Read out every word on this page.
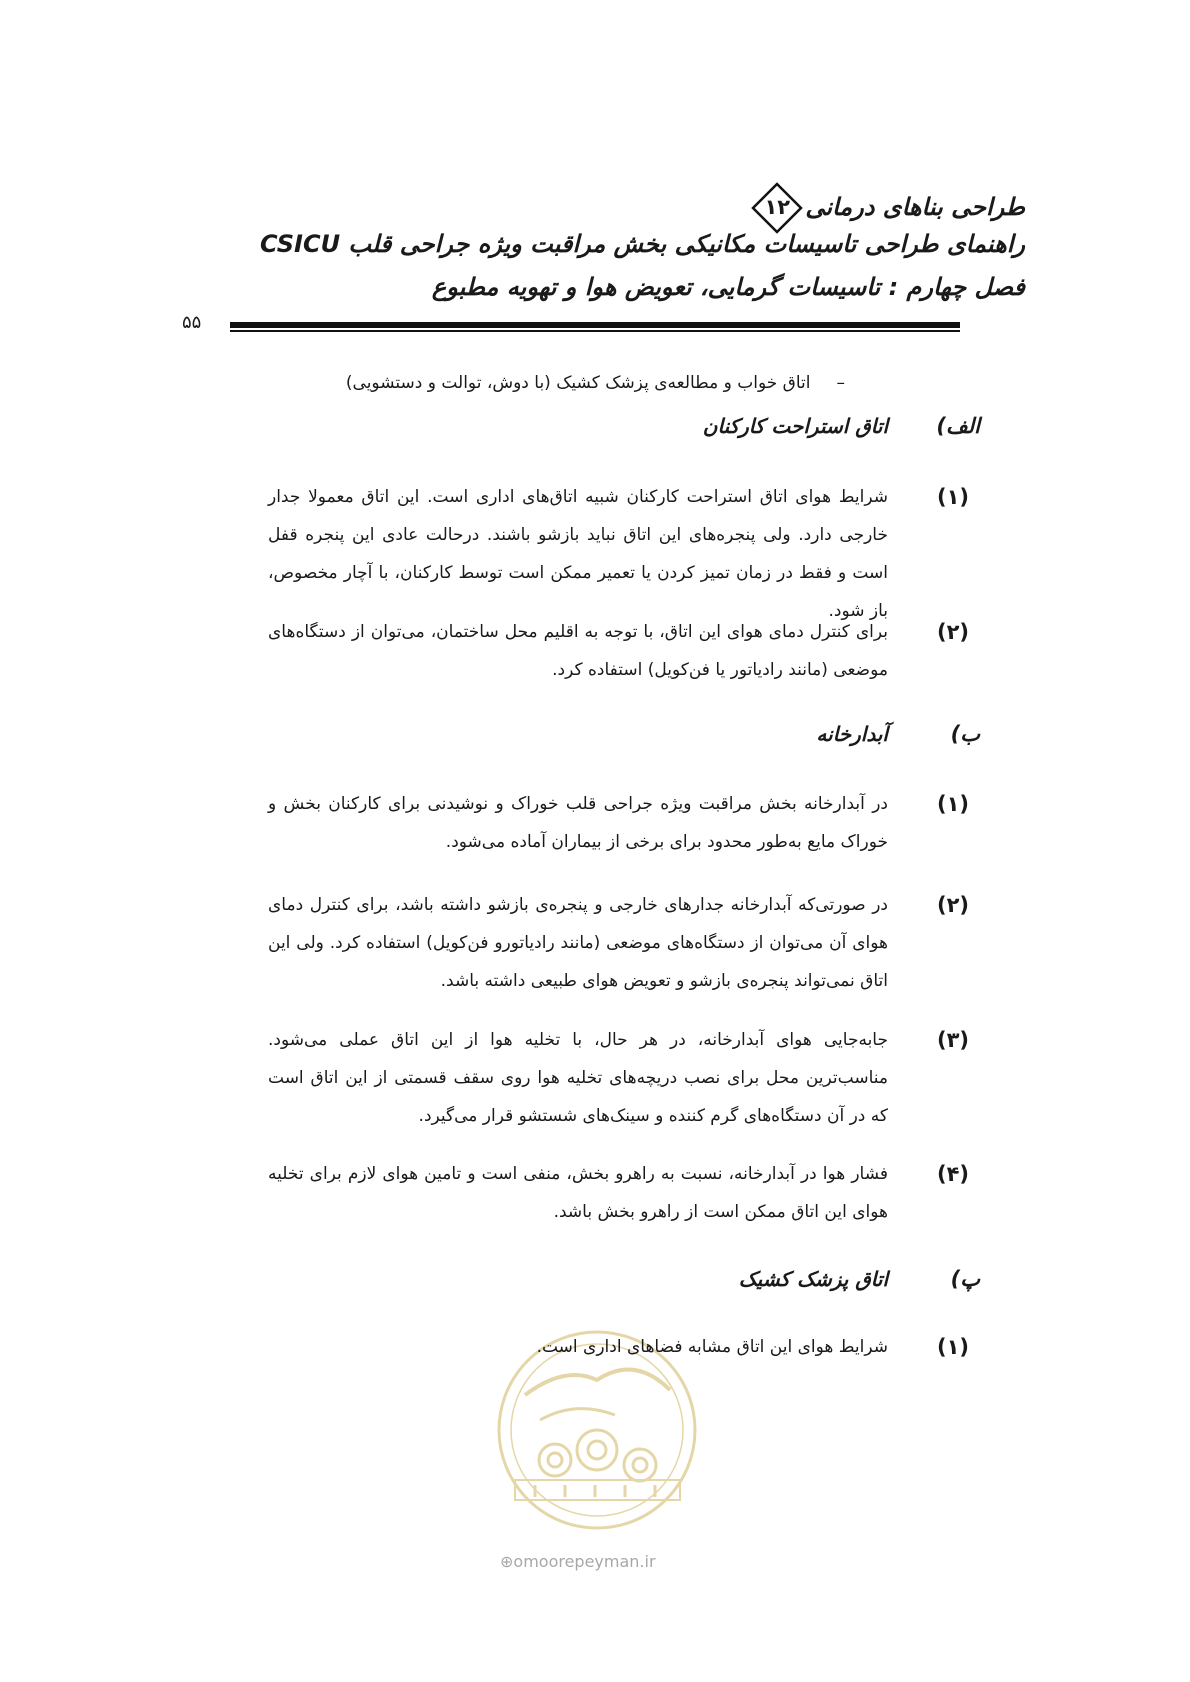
طراحی بناهای درمانی
۱۲
راهنمای طراحی تاسیسات مکانیکی بخش مراقبت ویژه جراحی قلب CSICU
فصل چهارم : تاسیسات گرمایی، تعویض هوا و تهویه مطبوع
۵۵
–اتاق خواب و مطالعه‌ی پزشک کشیک (با دوش، توالت و دستشویی)
الف)
اتاق استراحت کارکنان
(۱)
شرایط هوای اتاق استراحت کارکنان شبیه اتاق‌های اداری است. این اتاق معمولا جدار خارجی دارد. ولی پنجره‌های این اتاق نباید بازشو باشند. درحالت عادی این پنجره قفل است و فقط در زمان تمیز کردن یا تعمیر ممکن است توسط کارکنان، با آچار مخصوص، باز شود.
(۲)
برای کنترل دمای هوای این اتاق، با توجه به اقلیم محل ساختمان، می‌توان از دستگاه‌های موضعی (مانند رادیاتور یا فن‌کویل) استفاده کرد.
ب)
آبدارخانه
(۱)
در آبدارخانه بخش مراقبت ویژه جراحی قلب خوراک و نوشیدنی برای کارکنان بخش و خوراک مایع به‌طور محدود برای برخی از بیماران آماده می‌شود.
(۲)
در صورتی‌که آبدارخانه جدارهای خارجی و پنجره‌ی بازشو داشته باشد، برای کنترل دمای هوای آن می‌توان از دستگاه‌های موضعی (مانند رادیاتورو فن‌کویل) استفاده کرد. ولی این اتاق نمی‌تواند پنجره‌ی بازشو و تعویض هوای طبیعی داشته باشد.
(۳)
جابه‌جایی هوای آبدارخانه، در هر حال، با تخلیه هوا از این اتاق عملی می‌شود. مناسب‌ترین محل برای نصب دریچه‌های تخلیه هوا روی سقف قسمتی از این اتاق است که در آن دستگاه‌های گرم کننده و سینک‌های شستشو قرار می‌گیرد.
(۴)
فشار هوا در آبدارخانه، نسبت به راهرو بخش، منفی است و تامین هوای لازم برای تخلیه هوای این اتاق ممکن است از راهرو بخش باشد.
⊕omoorepeyman.ir
پ)
اتاق پزشک کشیک
(۱)
شرایط هوای این اتاق مشابه فضاهای اداری است.
